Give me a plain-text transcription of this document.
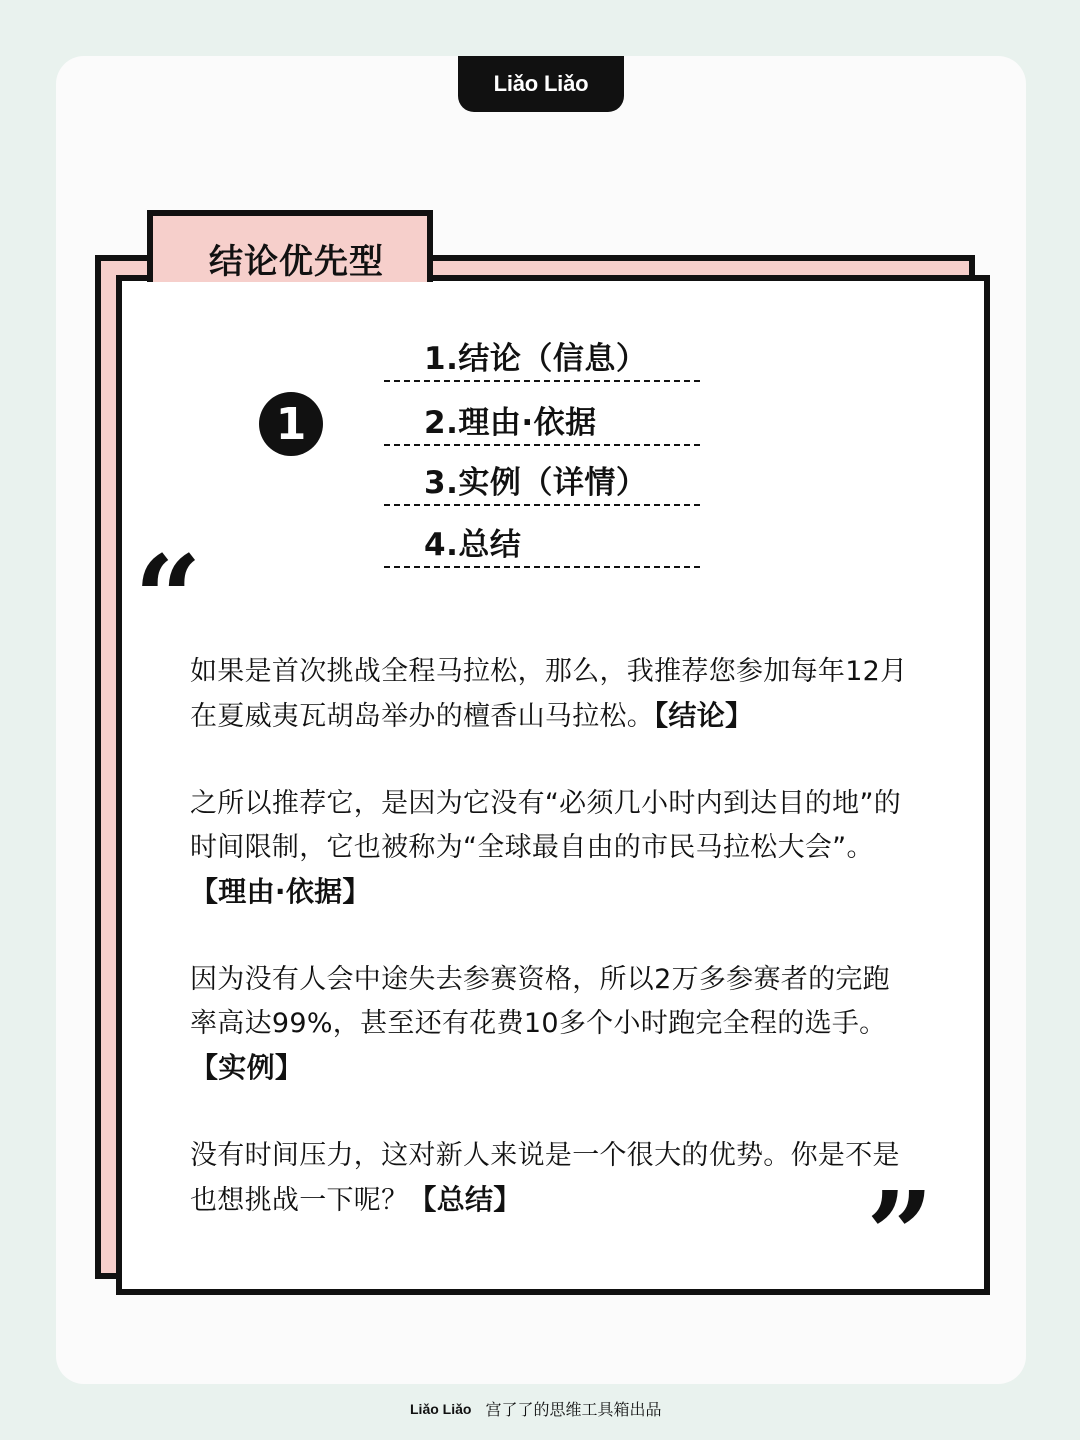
Liǎo Liǎo
结论优先型
1
1.结论（信息）
2.理由·依据
3.实例（详情）
4.总结
“

如果是首次挑战全程马拉松，那么，我推荐您参加每年12月在夏威夷瓦胡岛举办的檀香山马拉松。【结论】

之所以推荐它，是因为它没有“必须几小时内到达目的地”的时间限制，它也被称为“全球最自由的市民马拉松大会”。【理由·依据】

因为没有人会中途失去参赛资格，所以2万多参赛者的完跑率高达99%，甚至还有花费10多个小时跑完全程的选手。【实例】

没有时间压力，这对新人来说是一个很大的优势。你是不是也想挑战一下呢？【总结】	”
Liǎo Liǎo 宫了了的思维工具箱出品
